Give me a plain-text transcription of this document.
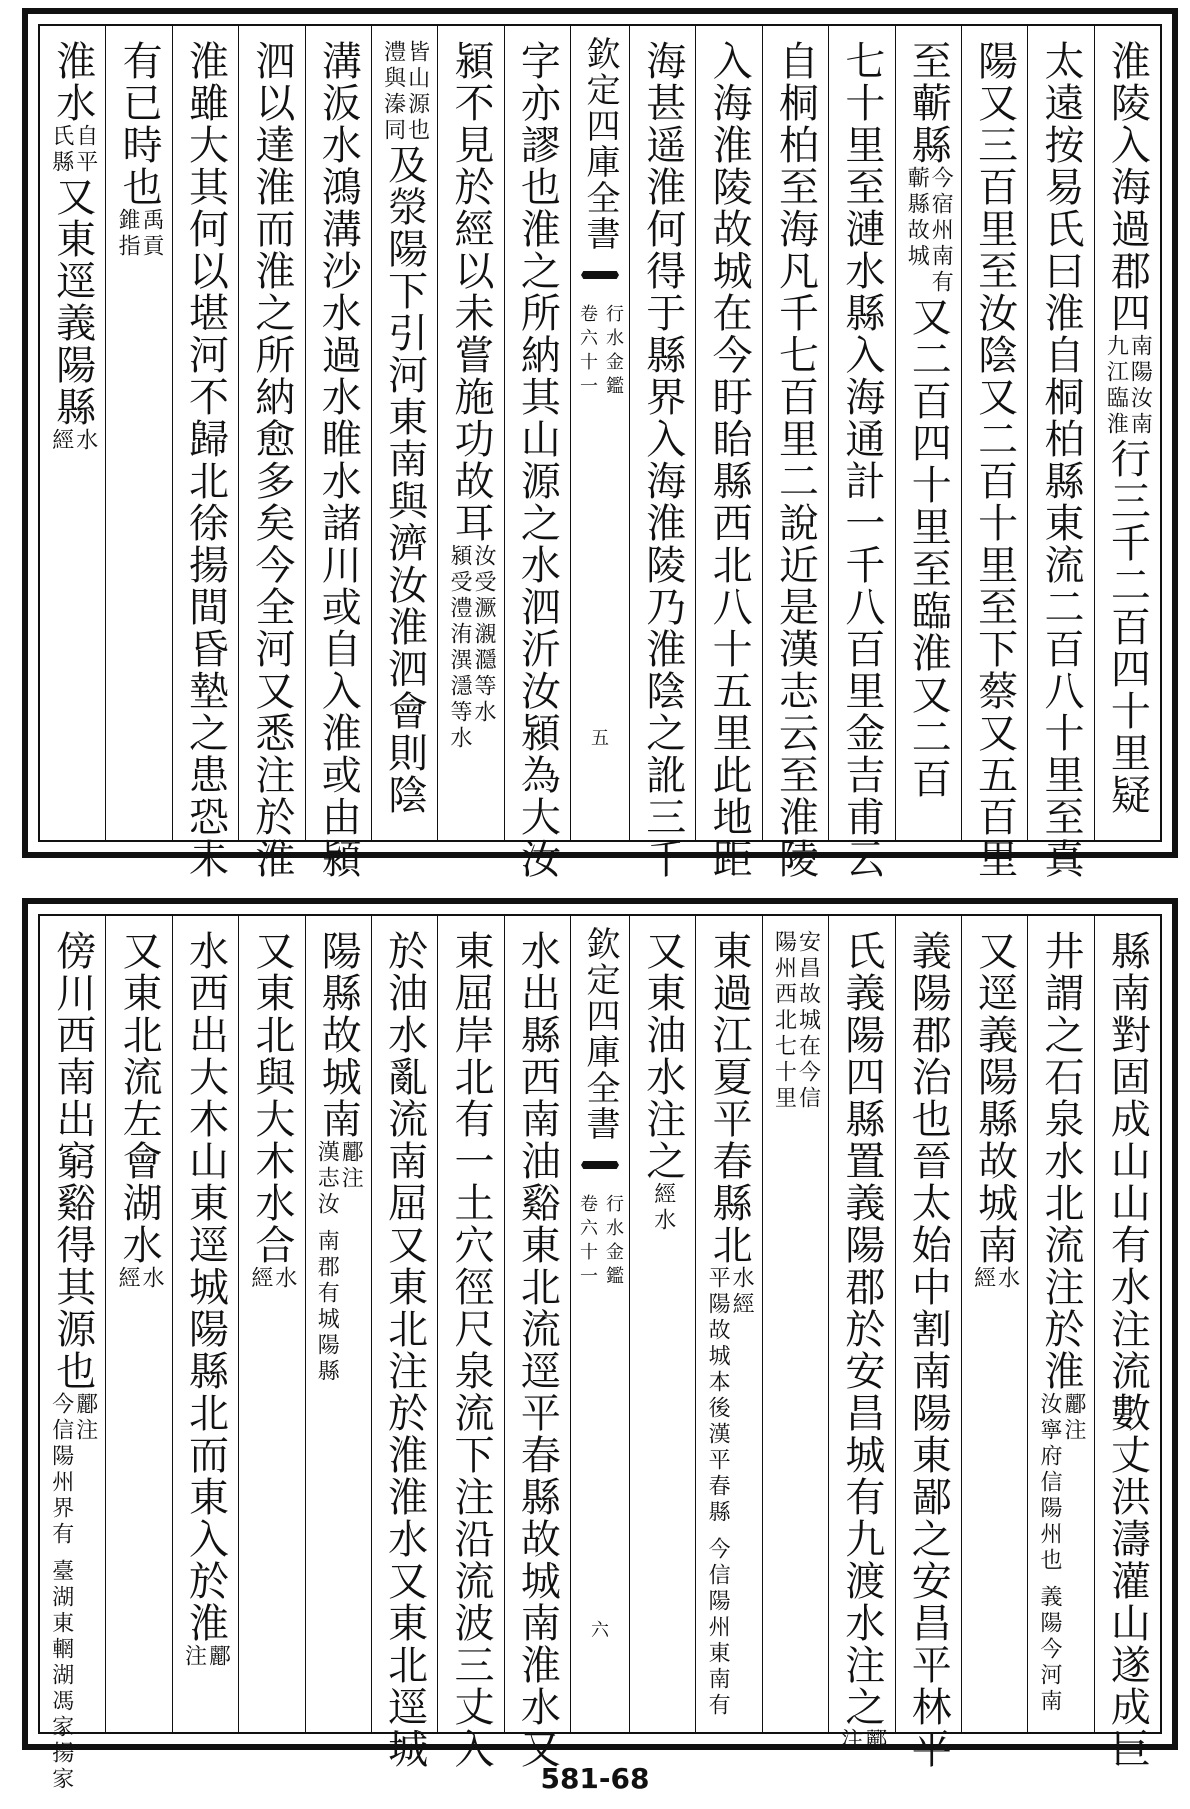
淮陵入海過郡四
南陽汝南
九江臨淮
行三千二百四十里疑
太遠按易氏曰淮自桐柏縣東流二百八十里至真
陽又三百里至汝陰又二百十里至下蔡又五百里
至蘄縣
今宿州南有
蘄縣故城
又二百四十里至臨淮又二百
七十里至漣水縣入海通計一千八百里金吉甫云
自桐柏至海凡千七百里二說近是漢志云至淮陵
入海淮陵故城在今盱眙縣西北八十五里此地距
海甚遥淮何得于縣界入海淮陵乃淮陰之訛三千
欽定四庫全書
行水金鑑
卷六十一
五
字亦謬也淮之所納其山源之水泗沂汝潁為大汝
潁不見於經以未嘗施功故耳
汝受㵐瀙㶏等水
潁受澧洧潩濦等水
皆山源也
澧與溱同
及滎陽下引河東南與濟汝淮泗會則陰
溝汳水鴻溝沙水過水睢水諸川或自入淮或由潁
泗以達淮而淮之所納愈多矣今全河又悉注於淮
淮雖大其何以堪河不歸北徐揚間昏墊之患恐未
有已時也
禹貢
錐指
淮水
自平
氏縣
又東逕義陽縣
水
經
縣南對固成山山有水注流數丈洪濤灌山遂成巨
井謂之石泉水北流注於淮
酈注
汝寧府信陽州也 義陽今河南
又逕義陽縣故城南
水
經
義陽郡治也晉太始中割南陽東鄙之安昌平林平
氏義陽四縣置義陽郡於安昌城有九渡水注之
酈
注
安昌故城在今信
陽州西北七十里
東過江夏平春縣北
水經
平陽故城本後漢平春縣 今信陽州東南有
又東油水注之
經水
欽定四庫全書
行水金鑑
卷六十一
六
水出縣西南油谿東北流逕平春縣故城南淮水又
東屈岸北有一土穴徑尺泉流下注沿流波三丈入
於油水亂流南屈又東北注於淮淮水又東北逕城
陽縣故城南
酈注
漢志汝 南郡有城陽縣
又東北與大木水合
水
經
水西出大木山東逕城陽縣北而東入於淮
酈
注
又東北流左會湖水
水
經
傍川西南出窮谿得其源也
酈注
今信陽州界有 臺湖東輞湖馮家揚家	581-68
